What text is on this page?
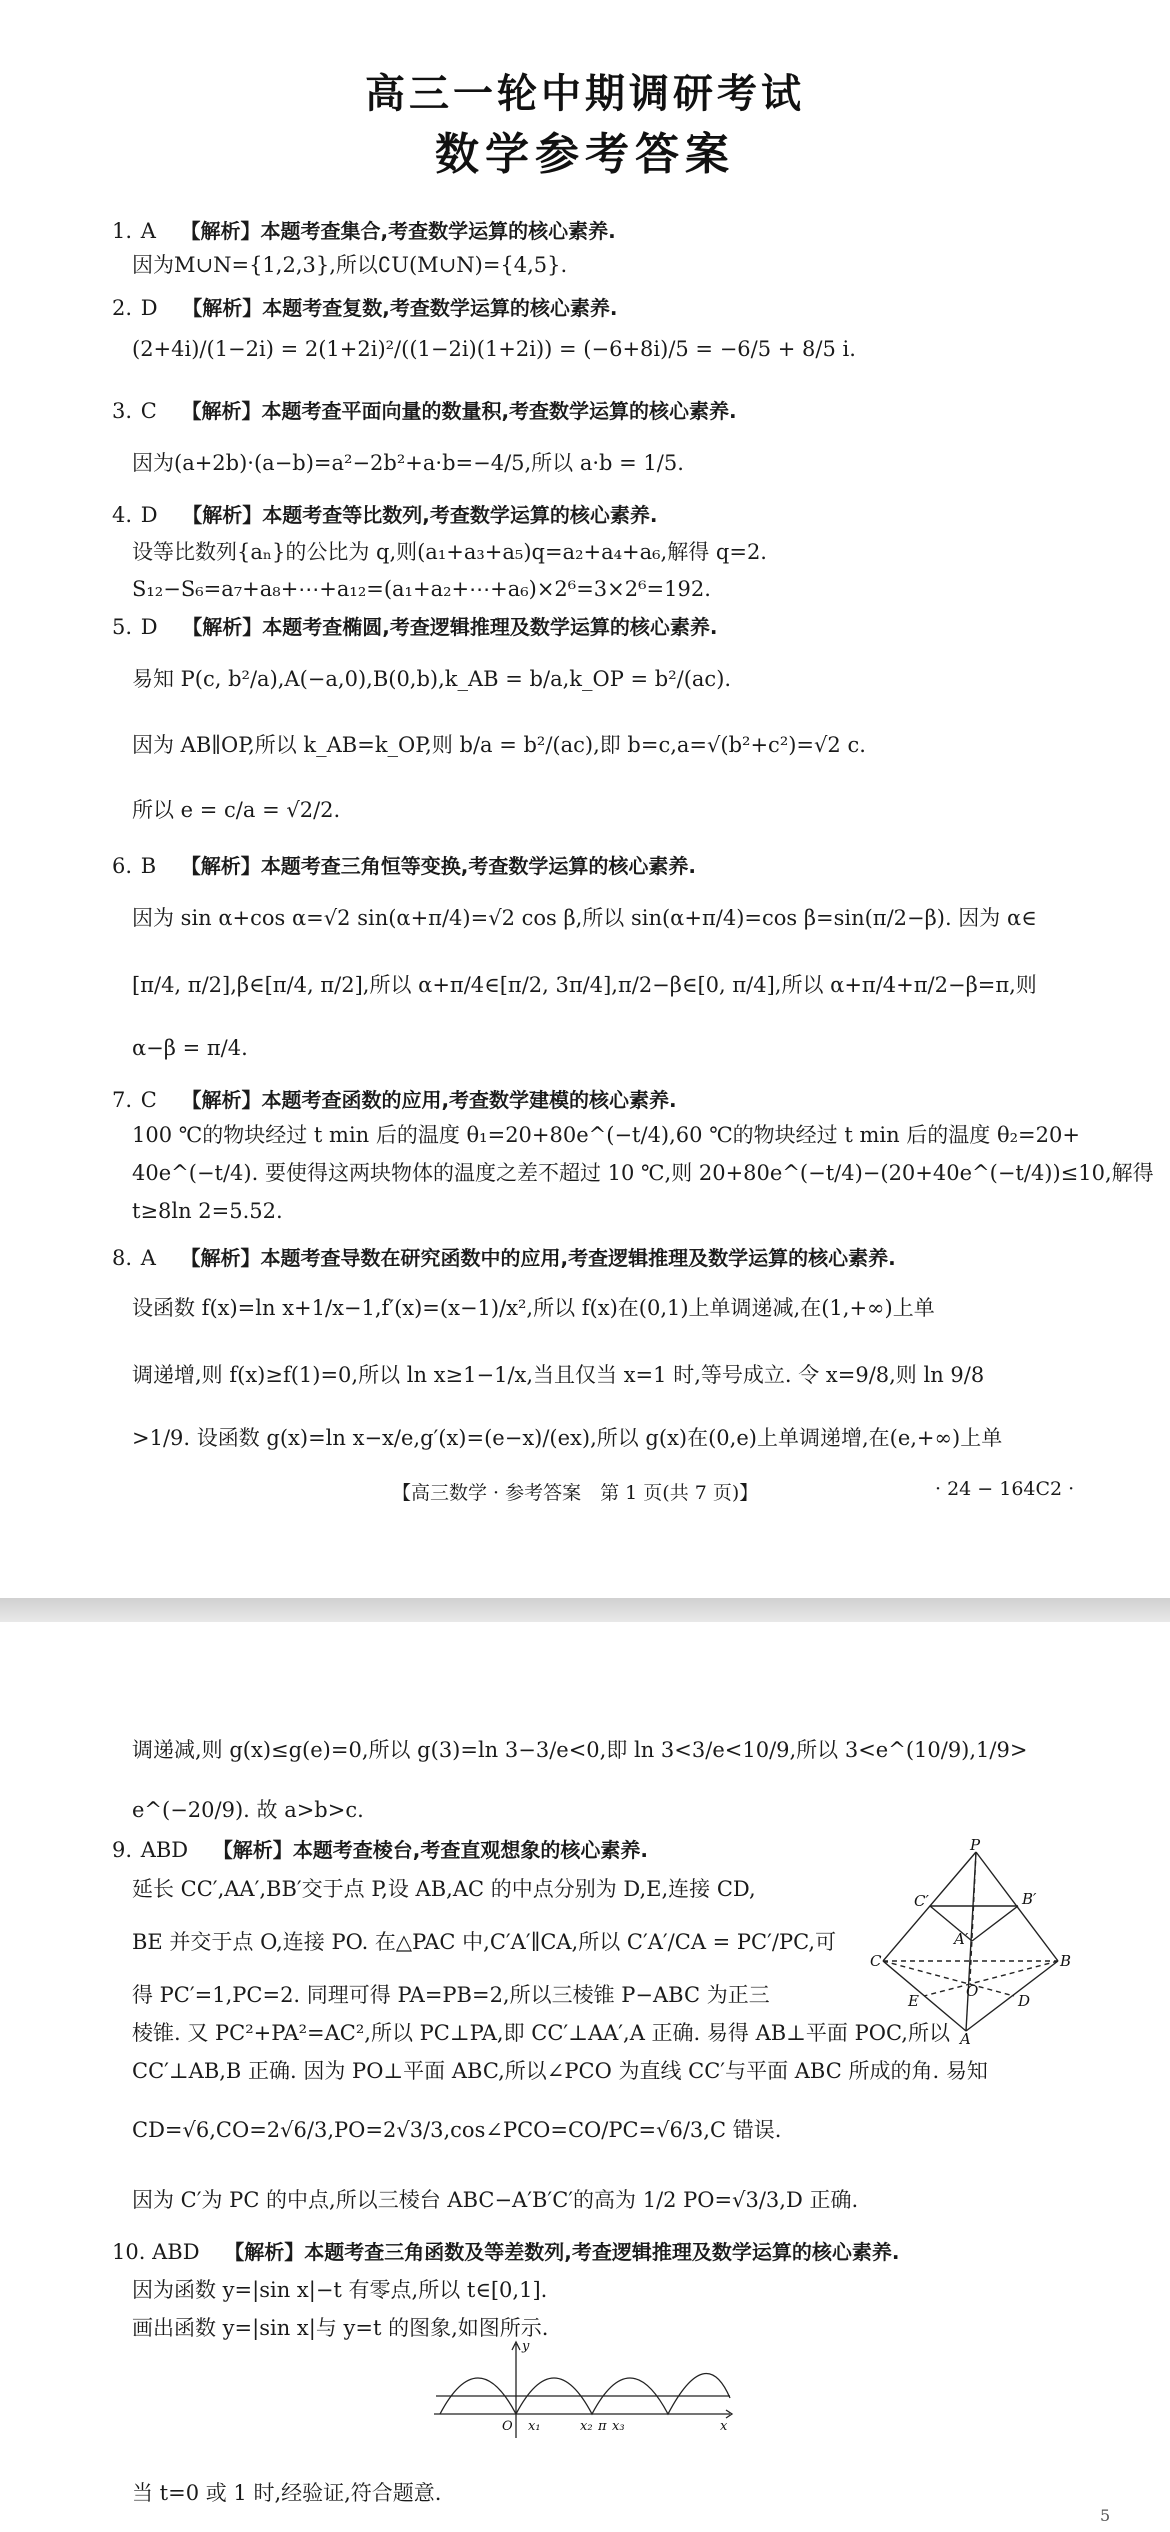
高三一轮中期调研考试
数学参考答案
1. A 【解析】本题考查集合,考查数学运算的核心素养.
因为M∪N={1,2,3},所以∁U(M∪N)={4,5}.
2. D 【解析】本题考查复数,考查数学运算的核心素养.
(2+4i)/(1−2i) = 2(1+2i)²/((1−2i)(1+2i)) = (−6+8i)/5 = −6/5 + 8/5 i.
3. C 【解析】本题考查平面向量的数量积,考查数学运算的核心素养.
因为(a+2b)·(a−b)=a²−2b²+a·b=−4/5,所以 a·b = 1/5.
4. D 【解析】本题考查等比数列,考查数学运算的核心素养.
设等比数列{aₙ}的公比为 q,则(a₁+a₃+a₅)q=a₂+a₄+a₆,解得 q=2.
S₁₂−S₆=a₇+a₈+⋯+a₁₂=(a₁+a₂+⋯+a₆)×2⁶=3×2⁶=192.
5. D 【解析】本题考查椭圆,考查逻辑推理及数学运算的核心素养.
易知 P(c, b²/a),A(−a,0),B(0,b),k_AB = b/a,k_OP = b²/(ac).
因为 AB∥OP,所以 k_AB=k_OP,则 b/a = b²/(ac),即 b=c,a=√(b²+c²)=√2 c.
所以 e = c/a = √2/2.
6. B 【解析】本题考查三角恒等变换,考查数学运算的核心素养.
因为 sin α+cos α=√2 sin(α+π/4)=√2 cos β,所以 sin(α+π/4)=cos β=sin(π/2−β). 因为 α∈
[π/4, π/2],β∈[π/4, π/2],所以 α+π/4∈[π/2, 3π/4],π/2−β∈[0, π/4],所以 α+π/4+π/2−β=π,则
α−β = π/4.
7. C 【解析】本题考查函数的应用,考查数学建模的核心素养.
100 ℃的物块经过 t min 后的温度 θ₁=20+80e^(−t/4),60 ℃的物块经过 t min 后的温度 θ₂=20+
40e^(−t/4). 要使得这两块物体的温度之差不超过 10 ℃,则 20+80e^(−t/4)−(20+40e^(−t/4))≤10,解得
t≥8ln 2=5.52.
8. A 【解析】本题考查导数在研究函数中的应用,考查逻辑推理及数学运算的核心素养.
设函数 f(x)=ln x+1/x−1,f′(x)=(x−1)/x²,所以 f(x)在(0,1)上单调递减,在(1,+∞)上单
调递增,则 f(x)≥f(1)=0,所以 ln x≥1−1/x,当且仅当 x=1 时,等号成立. 令 x=9/8,则 ln 9/8
>1/9. 设函数 g(x)=ln x−x/e,g′(x)=(e−x)/(ex),所以 g(x)在(0,e)上单调递增,在(e,+∞)上单
【高三数学 · 参考答案　第 1 页(共 7 页)】	· 24 − 164C2 ·
调递减,则 g(x)≤g(e)=0,所以 g(3)=ln 3−3/e<0,即 ln 3<3/e<10/9,所以 3<e^(10/9),1/9>
e^(−20/9). 故 a>b>c.
9. ABD 【解析】本题考查棱台,考查直观想象的核心素养.
延长 CC′,AA′,BB′交于点 P,设 AB,AC 的中点分别为 D,E,连接 CD,
BE 并交于点 O,连接 PO. 在△PAC 中,C′A′∥CA,所以 C′A′/CA = PC′/PC,可
得 PC′=1,PC=2. 同理可得 PA=PB=2,所以三棱锥 P−ABC 为正三
棱锥. 又 PC²+PA²=AC²,所以 PC⊥PA,即 CC′⊥AA′,A 正确. 易得 AB⊥平面 POC,所以
CC′⊥AB,B 正确. 因为 PO⊥平面 ABC,所以∠PCO 为直线 CC′与平面 ABC 所成的角. 易知
CD=√6,CO=2√6/3,PO=2√3/3,cos∠PCO=CO/PC=√6/3,C 错误.
因为 C′为 PC 的中点,所以三棱台 ABC−A′B′C′的高为 1/2 PO=√3/3,D 正确.
P
C′	B′
A′
C	B
E
O
D
A
10. ABD 【解析】本题考查三角函数及等差数列,考查逻辑推理及数学运算的核心素养.
因为函数 y=|sin x|−t 有零点,所以 t∈[0,1].
画出函数 y=|sin x|与 y=t 的图象,如图所示.
y
O x₁	x₂ π x₃	x
当 t=0 或 1 时,经验证,符合题意.
5
